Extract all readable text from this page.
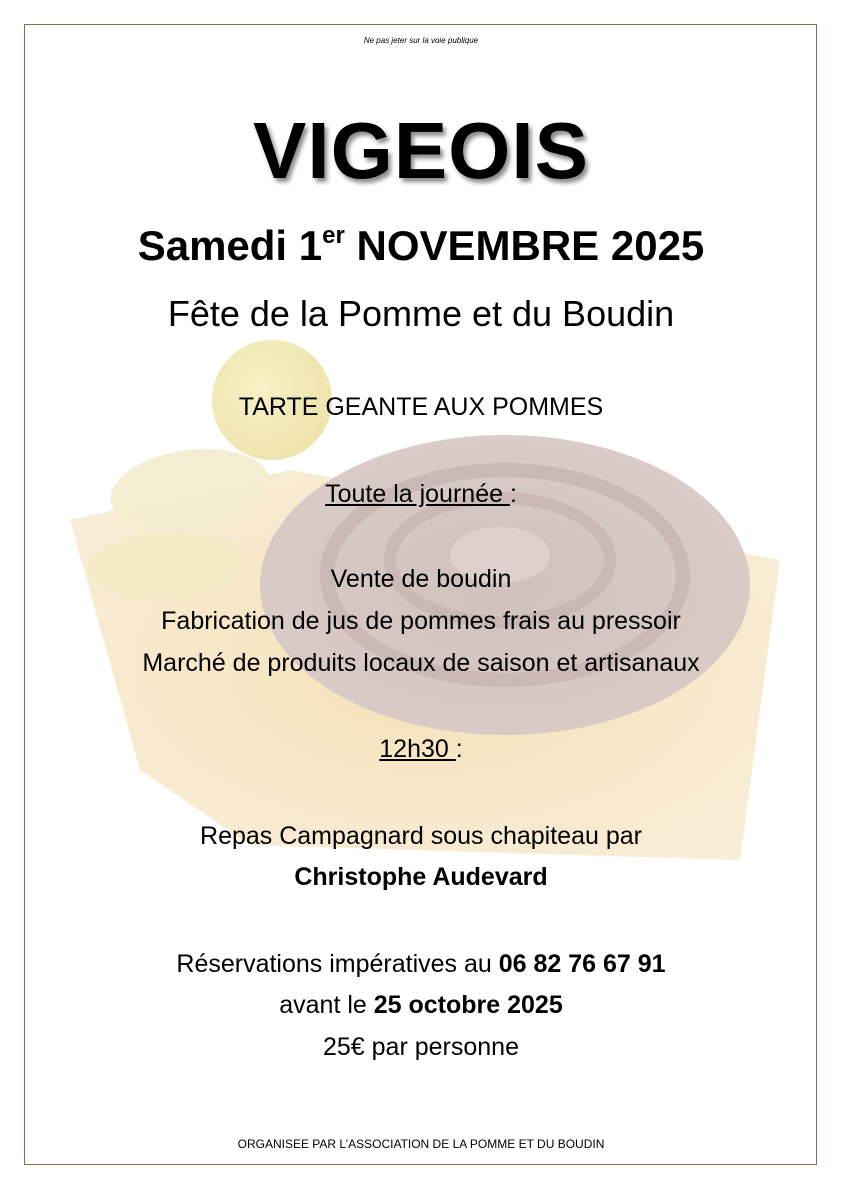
Ne pas jeter sur la voie publique
VIGEOIS
Samedi 1er NOVEMBRE 2025
Fête de la Pomme et du Boudin
TARTE GEANTE AUX POMMES
Toute la journée :
Vente de boudin
Fabrication de jus de pommes frais au pressoir
Marché de produits locaux de saison et artisanaux
12h30 :
Repas Campagnard sous chapiteau par
Christophe Audevard
Réservations impératives au 06 82 76 67 91
avant le 25 octobre 2025
25€ par personne
ORGANISEE PAR L’ASSOCIATION DE LA POMME ET DU BOUDIN
